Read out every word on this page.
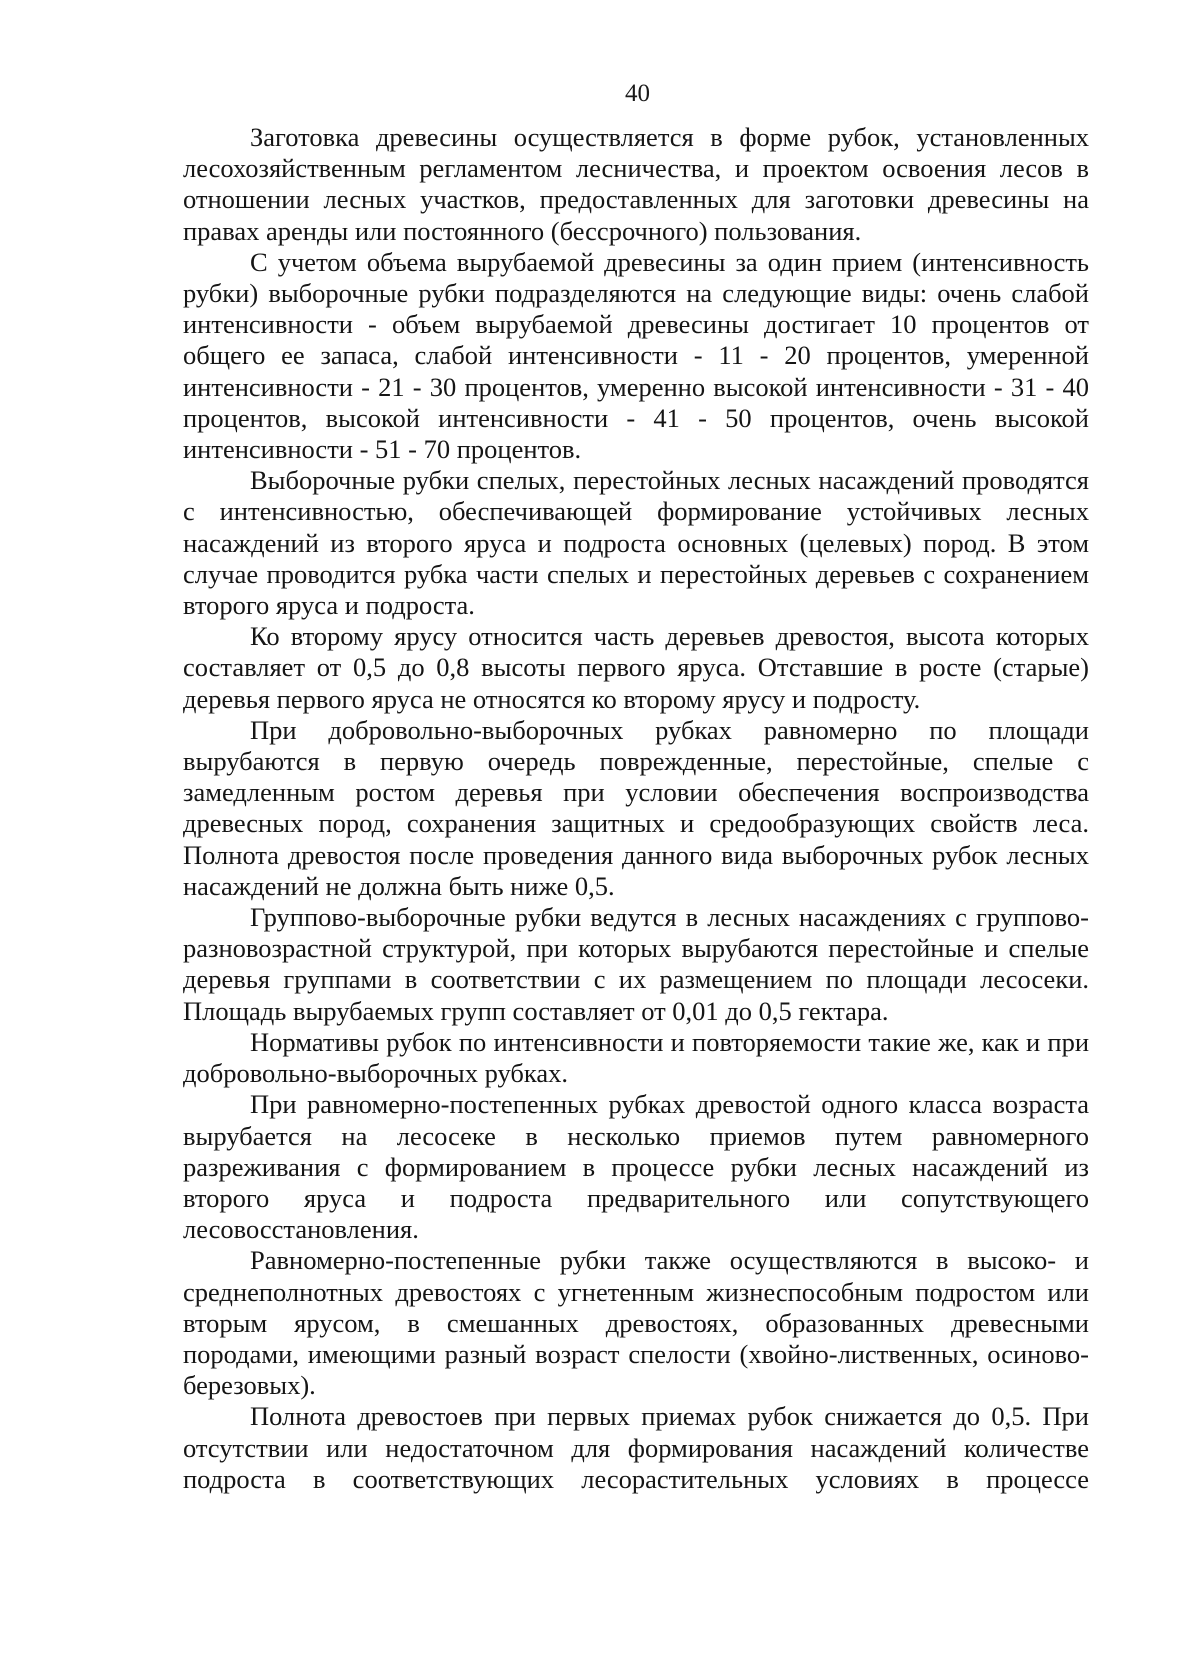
40

Заготовка древесины осуществляется в форме рубок, установленных лесохозяйственным регламентом лесничества, и проектом освоения лесов в отношении лесных участков, предоставленных для заготовки древесины на правах аренды или постоянного (бессрочного) пользования.

С учетом объема вырубаемой древесины за один прием (интенсивность рубки) выборочные рубки подразделяются на следующие виды: очень слабой интенсивности - объем вырубаемой древесины достигает 10 процентов от общего ее запаса, слабой интенсивности - 11 - 20 процентов, умеренной интенсивности - 21 - 30 процентов, умеренно высокой интенсивности - 31 - 40 процентов, высокой интенсивности - 41 - 50 процентов, очень высокой интенсивности - 51 - 70 процентов.

Выборочные рубки спелых, перестойных лесных насаждений проводятся с интенсивностью, обеспечивающей формирование устойчивых лесных насаждений из второго яруса и подроста основных (целевых) пород. В этом случае проводится рубка части спелых и перестойных деревьев с сохранением второго яруса и подроста.

Ко второму ярусу относится часть деревьев древостоя, высота которых составляет от 0,5 до 0,8 высоты первого яруса. Отставшие в росте (старые) деревья первого яруса не относятся ко второму ярусу и подросту.

При добровольно-выборочных рубках равномерно по площади вырубаются в первую очередь поврежденные, перестойные, спелые с замедленным ростом деревья при условии обеспечения воспроизводства древесных пород, сохранения защитных и средообразующих свойств леса. Полнота древостоя после проведения данного вида выборочных рубок лесных насаждений не должна быть ниже 0,5.

Группово-выборочные рубки ведутся в лесных насаждениях с группово-разновозрастной структурой, при которых вырубаются перестойные и спелые деревья группами в соответствии с их размещением по площади лесосеки. Площадь вырубаемых групп составляет от 0,01 до 0,5 гектара.

Нормативы рубок по интенсивности и повторяемости такие же, как и при добровольно-выборочных рубках.

При равномерно-постепенных рубках древостой одного класса возраста вырубается на лесосеке в несколько приемов путем равномерного разреживания с формированием в процессе рубки лесных насаждений из второго яруса и подроста предварительного или сопутствующего лесовосстановления.

Равномерно-постепенные рубки также осуществляются в высоко- и среднеполнотных древостоях с угнетенным жизнеспособным подростом или вторым ярусом, в смешанных древостоях, образованных древесными породами, имеющими разный возраст спелости (хвойно-лиственных, осиново-березовых).

Полнота древостоев при первых приемах рубок снижается до 0,5. При отсутствии или недостаточном для формирования насаждений количестве подроста в соответствующих лесорастительных условиях в процессе
